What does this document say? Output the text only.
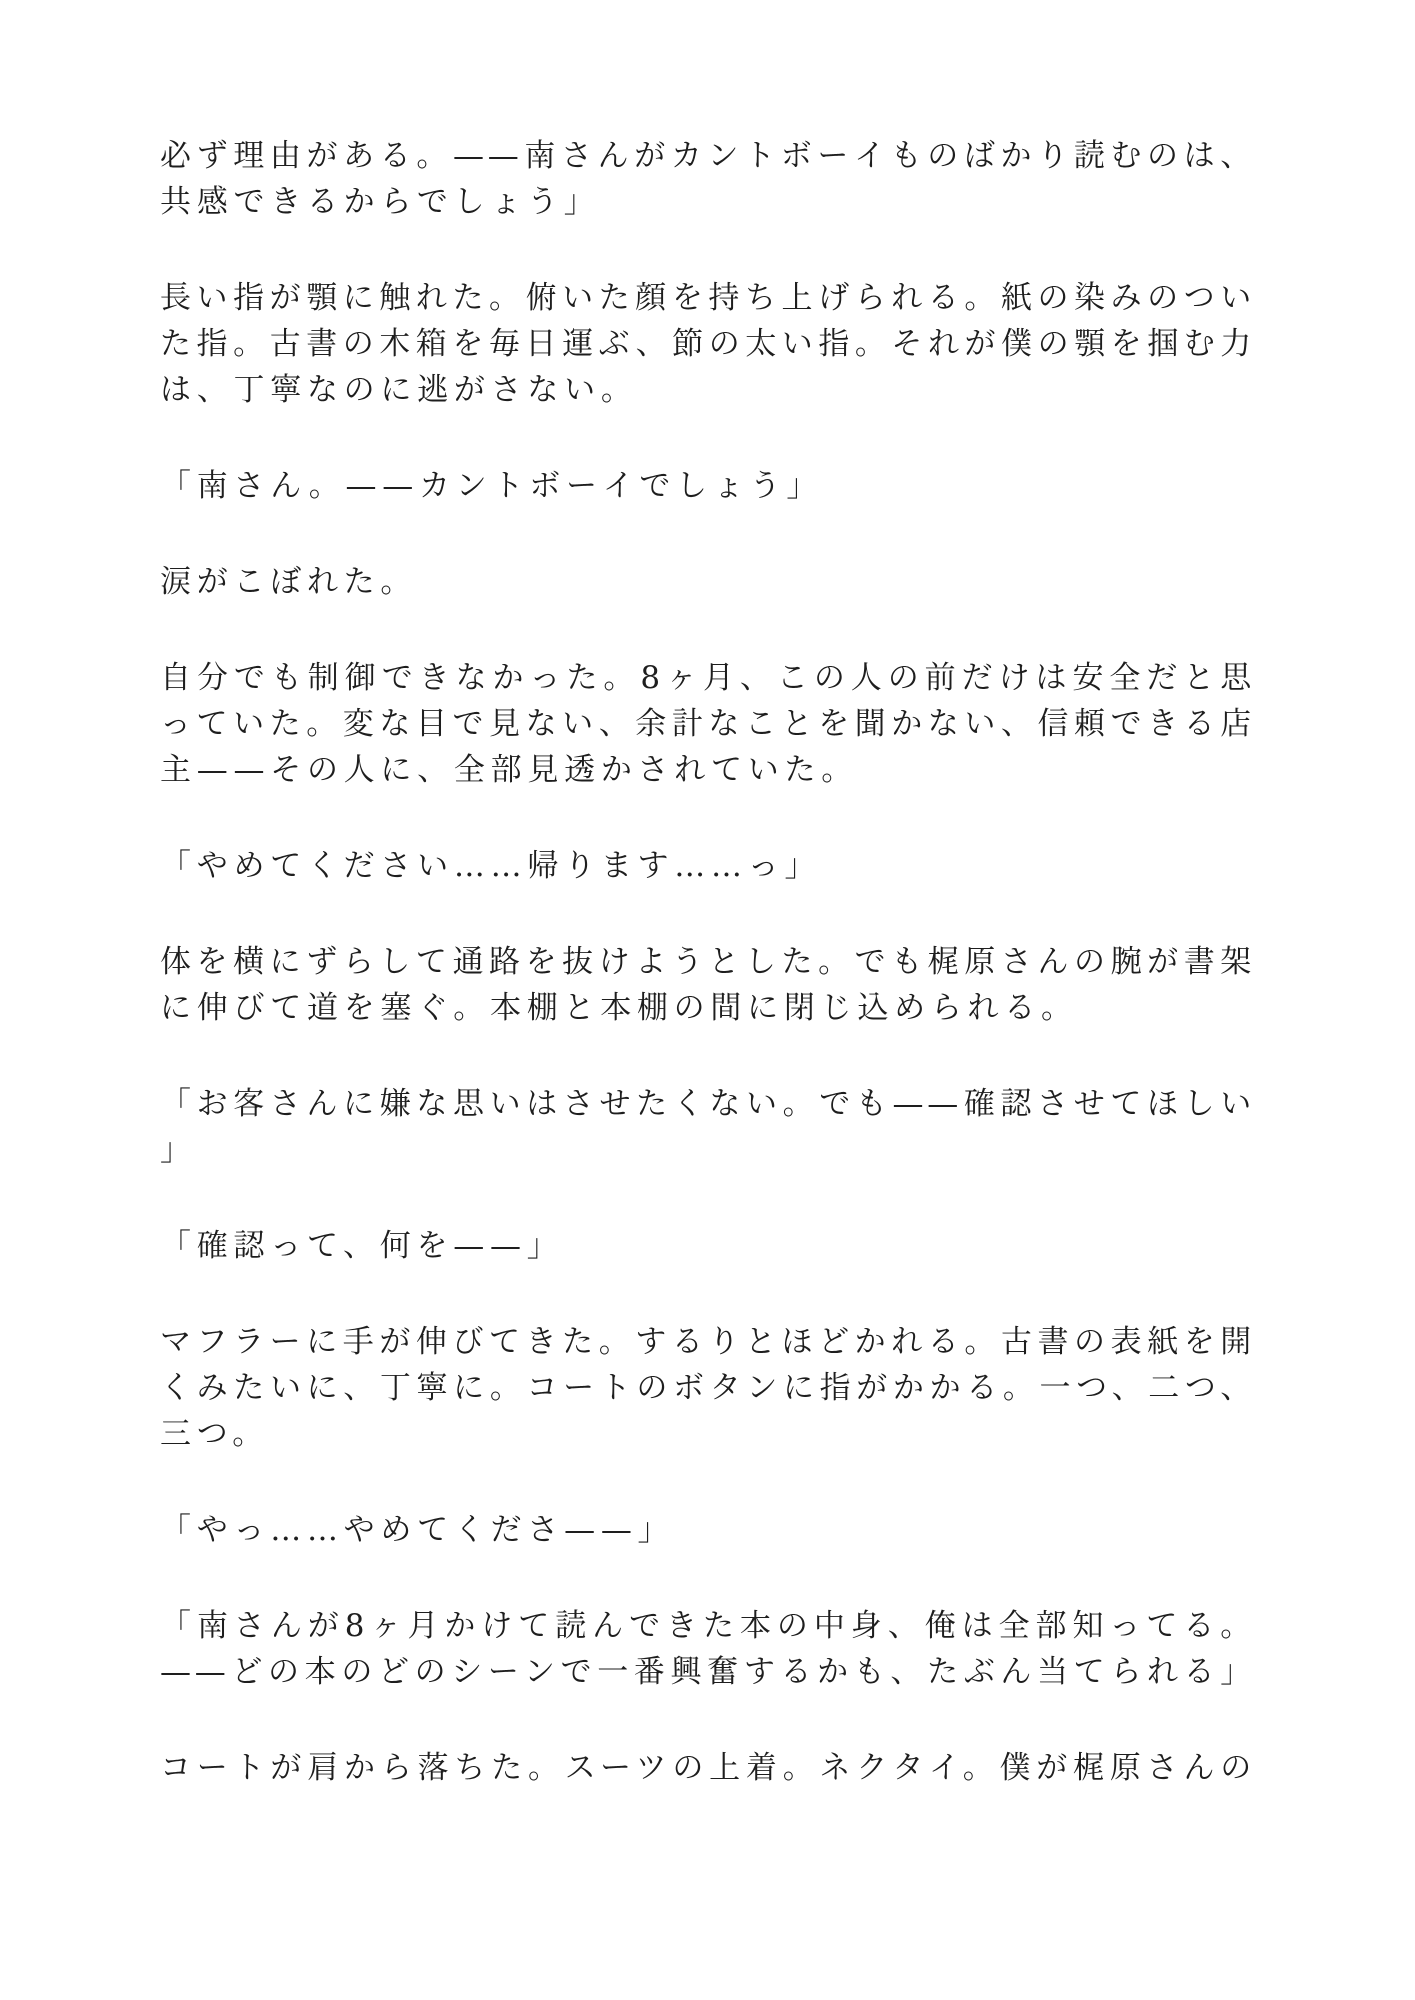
必ず理由がある。——南さんがカントボーイものばかり読むのは、
共感できるからでしょう」
長い指が顎に触れた。俯いた顔を持ち上げられる。紙の染みのつい
た指。古書の木箱を毎日運ぶ、節の太い指。それが僕の顎を掴む力
は、丁寧なのに逃がさない。
「南さん。——カントボーイでしょう」
涙がこぼれた。
自分でも制御できなかった。8ヶ月、この人の前だけは安全だと思
っていた。変な目で見ない、余計なことを聞かない、信頼できる店
主——その人に、全部見透かされていた。
「やめてください……帰ります……っ」
体を横にずらして通路を抜けようとした。でも梶原さんの腕が書架
に伸びて道を塞ぐ。本棚と本棚の間に閉じ込められる。
「お客さんに嫌な思いはさせたくない。でも——確認させてほしい
」
「確認って、何を——」
マフラーに手が伸びてきた。するりとほどかれる。古書の表紙を開
くみたいに、丁寧に。コートのボタンに指がかかる。一つ、二つ、
三つ。
「やっ……やめてくださ——」
「南さんが8ヶ月かけて読んできた本の中身、俺は全部知ってる。
——どの本のどのシーンで一番興奮するかも、たぶん当てられる」
コートが肩から落ちた。スーツの上着。ネクタイ。僕が梶原さんの
